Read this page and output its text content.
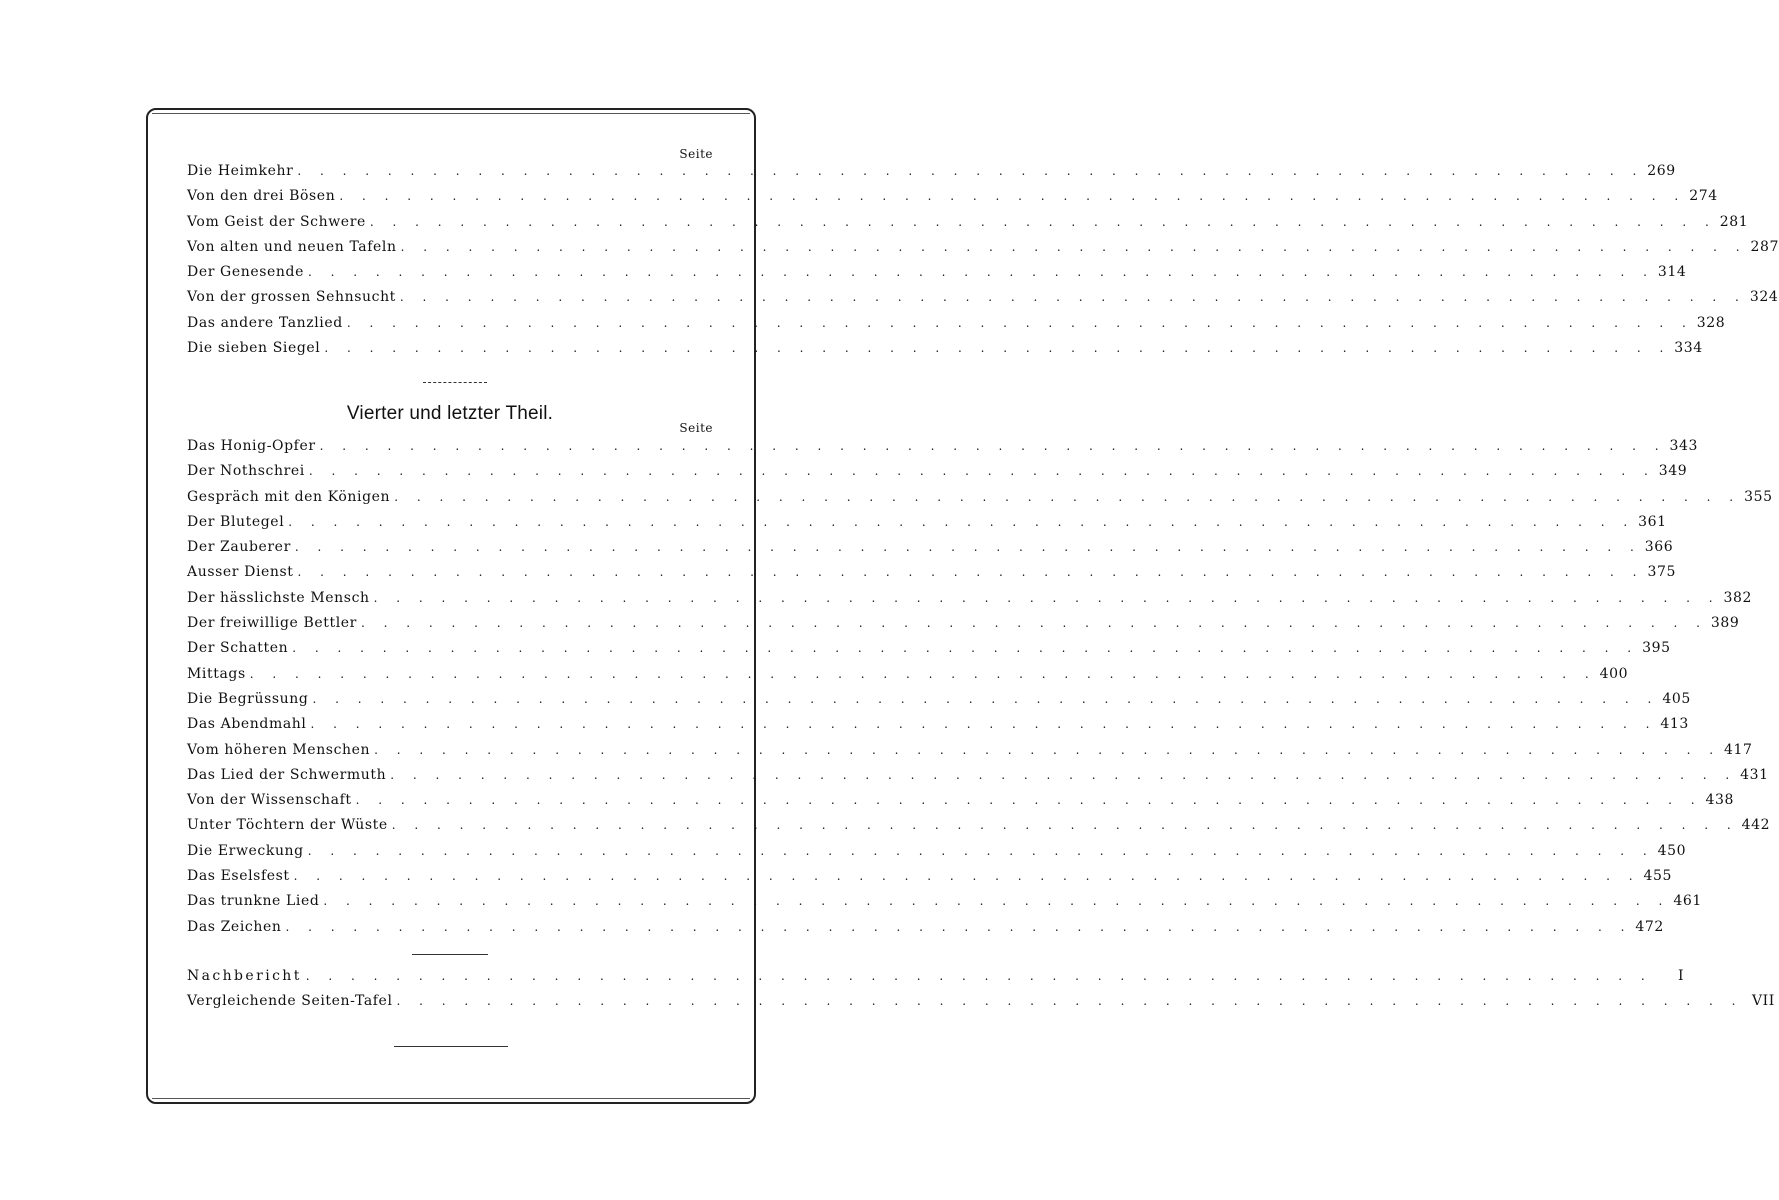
Seite
Die Heimkehr . . . . . . . . . . . . . . . . . . . . . . . . . . . . . . . . . . . . . . . . . . . . . . . . . . . . . . . . . . . . 269
Von den drei Bösen . . . . . . . . . . . . . . . . . . . . . . . . . . . . . . . . . . . . . . . . . . . . . . . . . . . . . . . . . . . . 274
Vom Geist der Schwere . . . . . . . . . . . . . . . . . . . . . . . . . . . . . . . . . . . . . . . . . . . . . . . . . . . . . . . . . . . . 281
Von alten und neuen Tafeln . . . . . . . . . . . . . . . . . . . . . . . . . . . . . . . . . . . . . . . . . . . . . . . . . . . . . . . . . . . . 287
Der Genesende . . . . . . . . . . . . . . . . . . . . . . . . . . . . . . . . . . . . . . . . . . . . . . . . . . . . . . . . . . . . 314
Von der grossen Sehnsucht . . . . . . . . . . . . . . . . . . . . . . . . . . . . . . . . . . . . . . . . . . . . . . . . . . . . . . . . . . . . 324
Das andere Tanzlied . . . . . . . . . . . . . . . . . . . . . . . . . . . . . . . . . . . . . . . . . . . . . . . . . . . . . . . . . . . . 328
Die sieben Siegel . . . . . . . . . . . . . . . . . . . . . . . . . . . . . . . . . . . . . . . . . . . . . . . . . . . . . . . . . . . . 334
Vierter und letzter Theil.
Seite
Das Honig-Opfer . . . . . . . . . . . . . . . . . . . . . . . . . . . . . . . . . . . . . . . . . . . . . . . . . . . . . . . . . . . . 343
Der Nothschrei . . . . . . . . . . . . . . . . . . . . . . . . . . . . . . . . . . . . . . . . . . . . . . . . . . . . . . . . . . . . 349
Gespräch mit den Königen . . . . . . . . . . . . . . . . . . . . . . . . . . . . . . . . . . . . . . . . . . . . . . . . . . . . . . . . . . . . 355
Der Blutegel . . . . . . . . . . . . . . . . . . . . . . . . . . . . . . . . . . . . . . . . . . . . . . . . . . . . . . . . . . . . 361
Der Zauberer . . . . . . . . . . . . . . . . . . . . . . . . . . . . . . . . . . . . . . . . . . . . . . . . . . . . . . . . . . . . 366
Ausser Dienst . . . . . . . . . . . . . . . . . . . . . . . . . . . . . . . . . . . . . . . . . . . . . . . . . . . . . . . . . . . . 375
Der hässlichste Mensch . . . . . . . . . . . . . . . . . . . . . . . . . . . . . . . . . . . . . . . . . . . . . . . . . . . . . . . . . . . . 382
Der freiwillige Bettler . . . . . . . . . . . . . . . . . . . . . . . . . . . . . . . . . . . . . . . . . . . . . . . . . . . . . . . . . . . . 389
Der Schatten . . . . . . . . . . . . . . . . . . . . . . . . . . . . . . . . . . . . . . . . . . . . . . . . . . . . . . . . . . . . 395
Mittags . . . . . . . . . . . . . . . . . . . . . . . . . . . . . . . . . . . . . . . . . . . . . . . . . . . . . . . . . . . . 400
Die Begrüssung . . . . . . . . . . . . . . . . . . . . . . . . . . . . . . . . . . . . . . . . . . . . . . . . . . . . . . . . . . . . 405
Das Abendmahl . . . . . . . . . . . . . . . . . . . . . . . . . . . . . . . . . . . . . . . . . . . . . . . . . . . . . . . . . . . . 413
Vom höheren Menschen . . . . . . . . . . . . . . . . . . . . . . . . . . . . . . . . . . . . . . . . . . . . . . . . . . . . . . . . . . . . 417
Das Lied der Schwermuth . . . . . . . . . . . . . . . . . . . . . . . . . . . . . . . . . . . . . . . . . . . . . . . . . . . . . . . . . . . . 431
Von der Wissenschaft . . . . . . . . . . . . . . . . . . . . . . . . . . . . . . . . . . . . . . . . . . . . . . . . . . . . . . . . . . . . 438
Unter Töchtern der Wüste . . . . . . . . . . . . . . . . . . . . . . . . . . . . . . . . . . . . . . . . . . . . . . . . . . . . . . . . . . . . 442
Die Erweckung . . . . . . . . . . . . . . . . . . . . . . . . . . . . . . . . . . . . . . . . . . . . . . . . . . . . . . . . . . . . 450
Das Eselsfest . . . . . . . . . . . . . . . . . . . . . . . . . . . . . . . . . . . . . . . . . . . . . . . . . . . . . . . . . . . . 455
Das trunkne Lied . . . . . . . . . . . . . . . . . . . . . . . . . . . . . . . . . . . . . . . . . . . . . . . . . . . . . . . . . . . . 461
Das Zeichen . . . . . . . . . . . . . . . . . . . . . . . . . . . . . . . . . . . . . . . . . . . . . . . . . . . . . . . . . . . . 472
Nachbericht . . . . . . . . . . . . . . . . . . . . . . . . . . . . . . . . . . . . . . . . . . . . . . . . . . . . . . . . . . . .	I
Vergleichende Seiten-Tafel . . . . . . . . . . . . . . . . . . . . . . . . . . . . . . . . . . . . . . . . . . . . . . . . . . . . . . . . . . . . VII
